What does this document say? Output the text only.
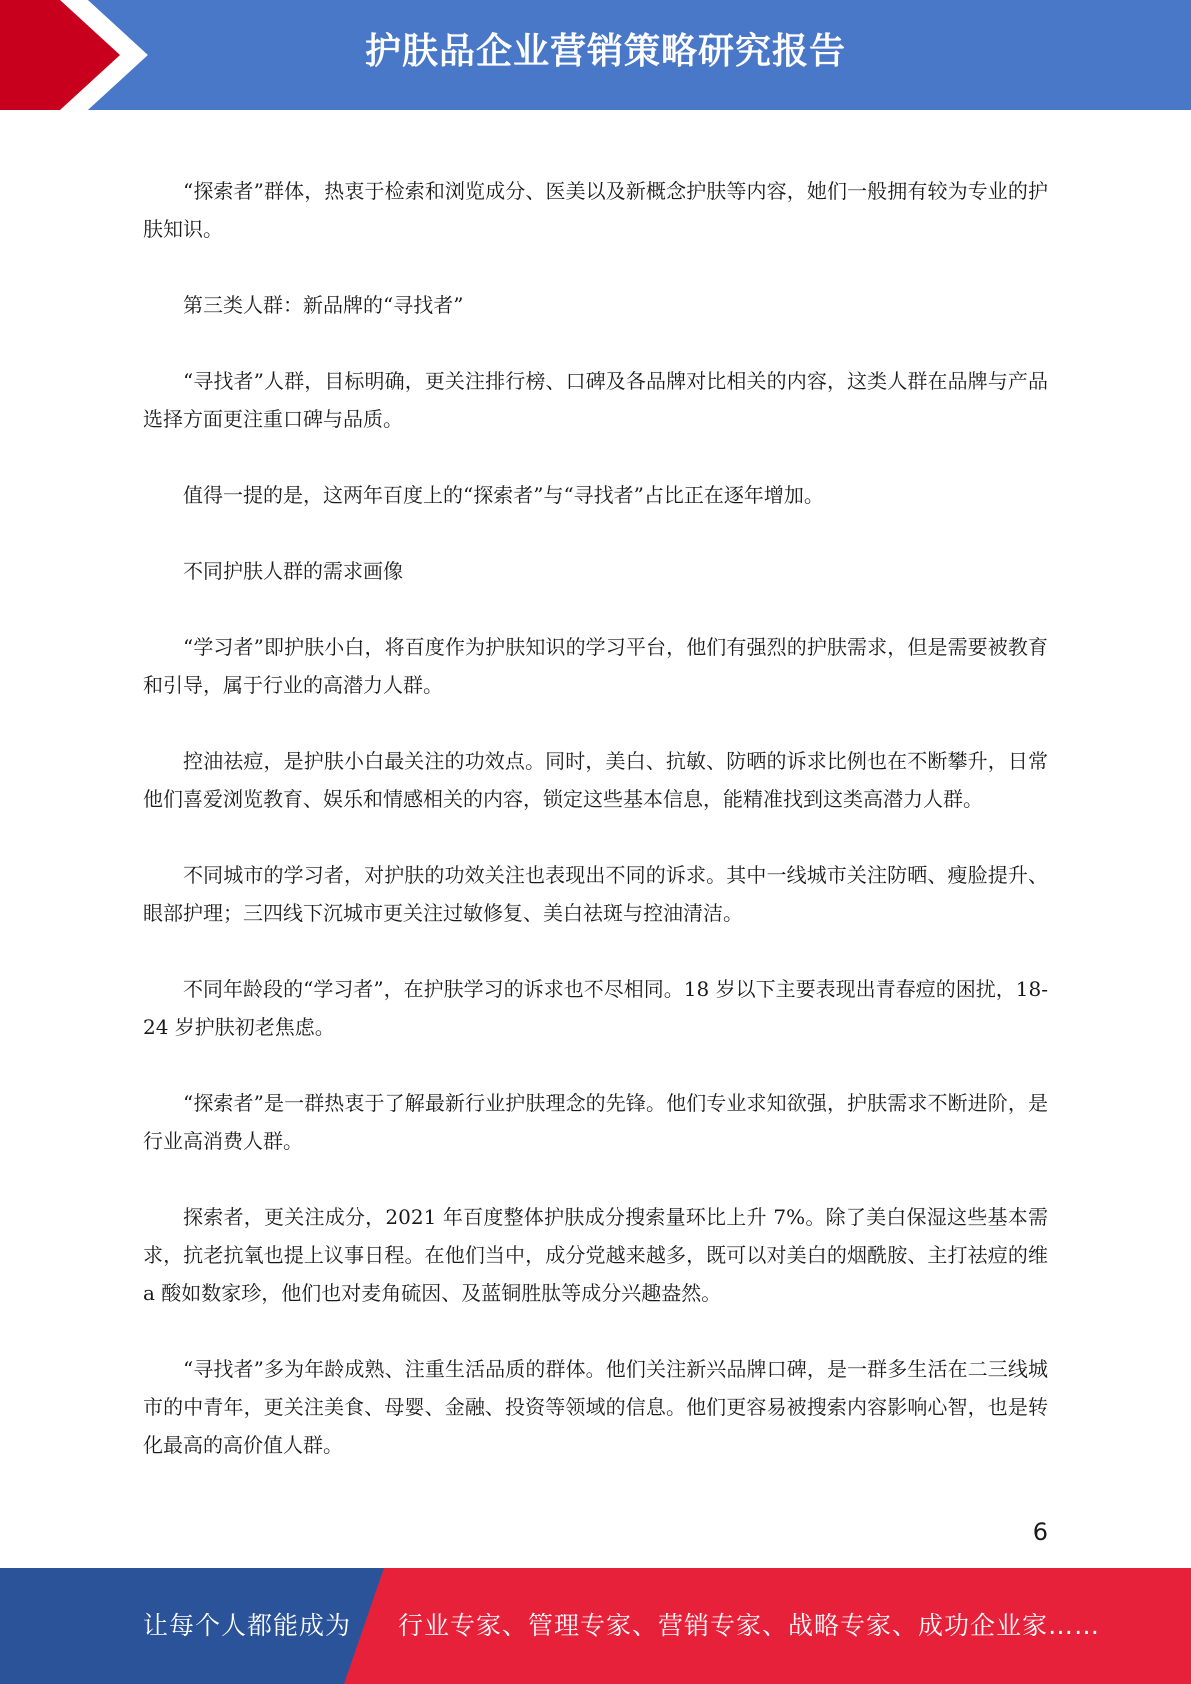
护肤品企业营销策略研究报告

“探索者”群体，热衷于检索和浏览成分、医美以及新概念护肤等内容，她们一般拥有较为专业的护肤知识。

第三类人群：新品牌的“寻找者”

“寻找者”人群，目标明确，更关注排行榜、口碑及各品牌对比相关的内容，这类人群在品牌与产品选择方面更注重口碑与品质。

值得一提的是，这两年百度上的“探索者”与“寻找者”占比正在逐年增加。

不同护肤人群的需求画像

“学习者”即护肤小白，将百度作为护肤知识的学习平台，他们有强烈的护肤需求，但是需要被教育和引导，属于行业的高潜力人群。

控油祛痘，是护肤小白最关注的功效点。同时，美白、抗敏、防晒的诉求比例也在不断攀升，日常他们喜爱浏览教育、娱乐和情感相关的内容，锁定这些基本信息，能精准找到这类高潜力人群。

不同城市的学习者，对护肤的功效关注也表现出不同的诉求。其中一线城市关注防晒、瘦脸提升、眼部护理；三四线下沉城市更关注过敏修复、美白祛斑与控油清洁。

不同年龄段的“学习者”，在护肤学习的诉求也不尽相同。18 岁以下主要表现出青春痘的困扰，18-24 岁护肤初老焦虑。

“探索者”是一群热衷于了解最新行业护肤理念的先锋。他们专业求知欲强，护肤需求不断进阶，是行业高消费人群。

探索者，更关注成分，2021 年百度整体护肤成分搜索量环比上升 7%。除了美白保湿这些基本需求，抗老抗氧也提上议事日程。在他们当中，成分党越来越多，既可以对美白的烟酰胺、主打祛痘的维 a 酸如数家珍，他们也对麦角硫因、及蓝铜胜肽等成分兴趣盎然。

“寻找者”多为年龄成熟、注重生活品质的群体。他们关注新兴品牌口碑，是一群多生活在二三线城市的中青年，更关注美食、母婴、金融、投资等领域的信息。他们更容易被搜索内容影响心智，也是转化最高的高价值人群。

6
让每个人都能成为 行业专家、管理专家、营销专家、战略专家、成功企业家……
